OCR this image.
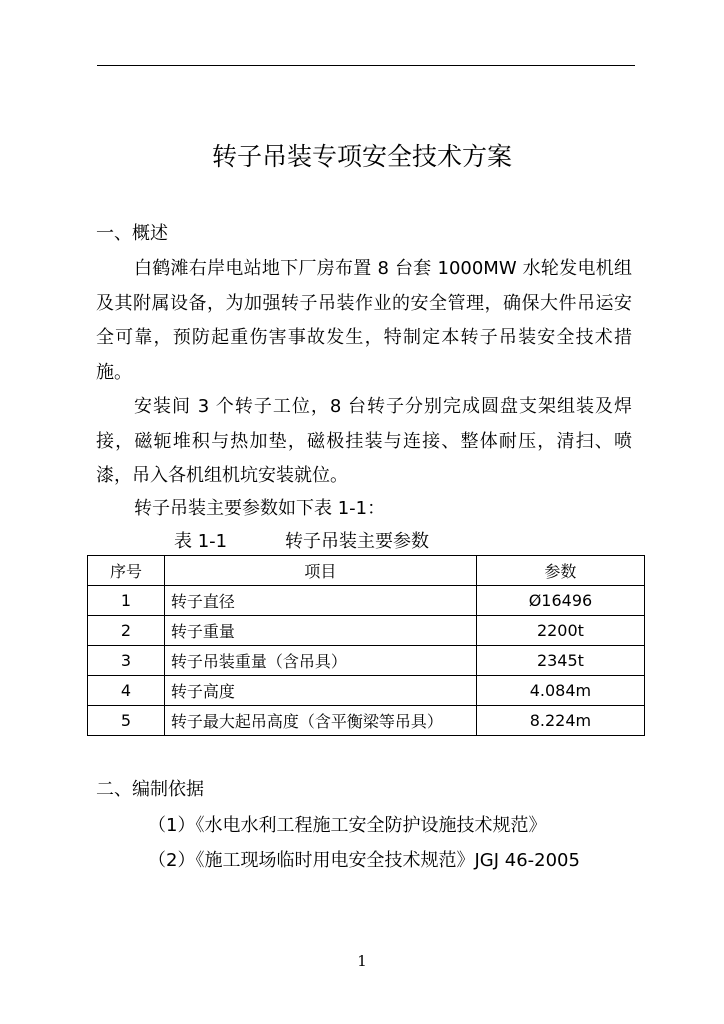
转子吊装专项安全技术方案
一、概述

白鹤滩右岸电站地下厂房布置 8 台套 1000MW 水轮发电机组及其附属设备，为加强转子吊装作业的安全管理，确保大件吊运安全可靠，预防起重伤害事故发生，特制定本转子吊装安全技术措施。

安装间 3 个转子工位，8 台转子分别完成圆盘支架组装及焊接，磁轭堆积与热加垫，磁极挂装与连接、整体耐压，清扫、喷漆，吊入各机组机坑安装就位。

转子吊装主要参数如下表 1-1：
表 1-1	转子吊装主要参数
序号	项目	参数
1	转子直径	Ø16496
2	转子重量	2200t
3	转子吊装重量（含吊具）	2345t
4	转子高度	4.084m
5	转子最大起吊高度（含平衡梁等吊具）	8.224m
二、编制依据
（1）《水电水利工程施工安全防护设施技术规范》
（2）《施工现场临时用电安全技术规范》JGJ 46-2005
1
